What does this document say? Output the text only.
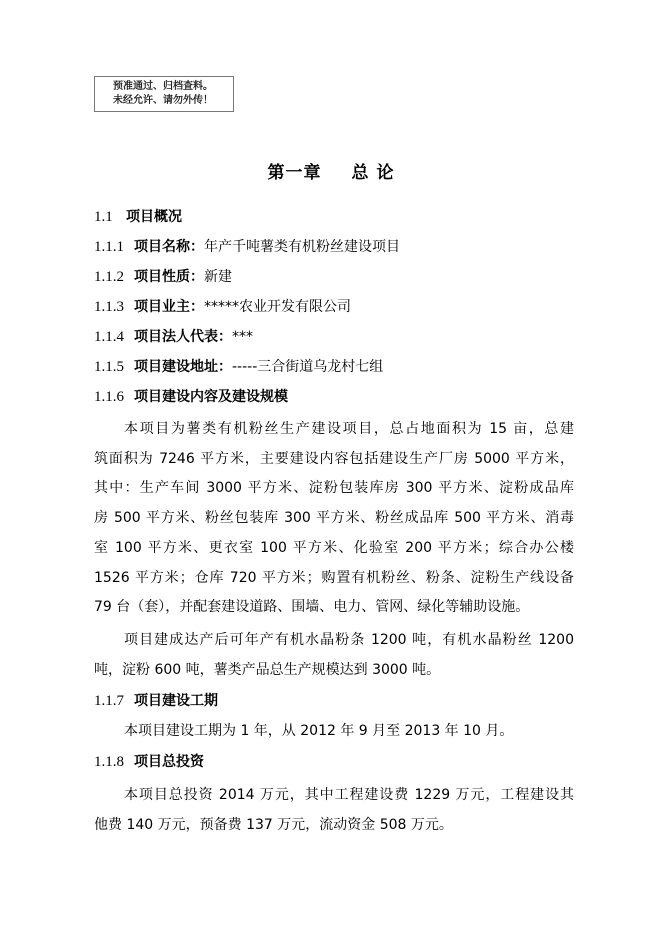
预准通过、归档查料。
未经允许、请勿外传！
第一章 总 论
1.1 项目概况
1.1.1 项目名称：年产千吨薯类有机粉丝建设项目
1.1.2 项目性质：新建
1.1.3 项目业主：*****农业开发有限公司
1.1.4 项目法人代表：***
1.1.5 项目建设地址：-----三合街道乌龙村七组
1.1.6 项目建设内容及建设规模
本项目为薯类有机粉丝生产建设项目，总占地面积为 15 亩，总建
筑面积为 7246 平方米，主要建设内容包括建设生产厂房 5000 平方米，
其中：生产车间 3000 平方米、淀粉包装库房 300 平方米、淀粉成品库
房 500 平方米、粉丝包装库 300 平方米、粉丝成品库 500 平方米、消毒
室 100 平方米、更衣室 100 平方米、化验室 200 平方米；综合办公楼
1526 平方米；仓库 720 平方米；购置有机粉丝、粉条、淀粉生产线设备
79 台（套），并配套建设道路、围墙、电力、管网、绿化等辅助设施。
项目建成达产后可年产有机水晶粉条 1200 吨，有机水晶粉丝 1200
吨，淀粉 600 吨，薯类产品总生产规模达到 3000 吨。
1.1.7 项目建设工期
本项目建设工期为 1 年，从 2012 年 9 月至 2013 年 10 月。
1.1.8 项目总投资
本项目总投资 2014 万元，其中工程建设费 1229 万元，工程建设其
他费 140 万元，预备费 137 万元，流动资金 508 万元。
